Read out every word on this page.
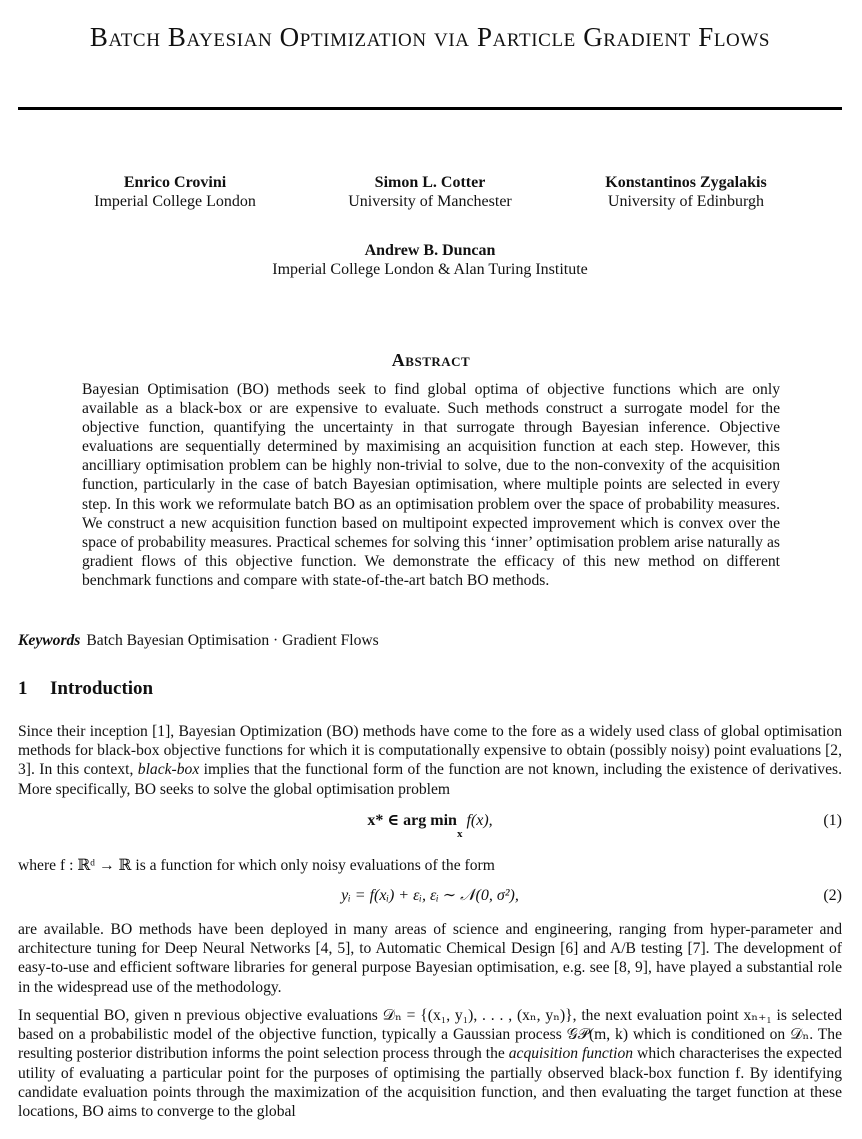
Batch Bayesian Optimization via Particle Gradient Flows
Enrico Crovini
Imperial College London
Simon L. Cotter
University of Manchester
Konstantinos Zygalakis
University of Edinburgh
Andrew B. Duncan
Imperial College London & Alan Turing Institute
Abstract

Bayesian Optimisation (BO) methods seek to find global optima of objective functions which are only available as a black-box or are expensive to evaluate. Such methods construct a surrogate model for the objective function, quantifying the uncertainty in that surrogate through Bayesian inference. Objective evaluations are sequentially determined by maximising an acquisition function at each step. However, this ancilliary optimisation problem can be highly non-trivial to solve, due to the non-convexity of the acquisition function, particularly in the case of batch Bayesian optimisation, where multiple points are selected in every step. In this work we reformulate batch BO as an optimisation problem over the space of probability measures. We construct a new acquisition function based on multipoint expected improvement which is convex over the space of probability measures. Practical schemes for solving this ‘inner’ optimisation problem arise naturally as gradient flows of this objective function. We demonstrate the efficacy of this new method on different benchmark functions and compare with state-of-the-art batch BO methods.

Keywords Batch Bayesian Optimisation · Gradient Flows

1 Introduction

Since their inception [1], Bayesian Optimization (BO) methods have come to the fore as a widely used class of global optimisation methods for black-box objective functions for which it is computationally expensive to obtain (possibly noisy) point evaluations [2, 3]. In this context, black-box implies that the functional form of the function are not known, including the existence of derivatives. More specifically, BO seeks to solve the global optimisation problem

x* ∈ arg min
x
f(x),	(1)

where f : ℝᵈ → ℝ is a function for which only noisy evaluations of the form

yᵢ = f(xᵢ) + εᵢ, εᵢ ∼ 𝒩(0, σ²),	(2)

are available. BO methods have been deployed in many areas of science and engineering, ranging from hyper-parameter and architecture tuning for Deep Neural Networks [4, 5], to Automatic Chemical Design [6] and A/B testing [7]. The development of easy-to-use and efficient software libraries for general purpose Bayesian optimisation, e.g. see [8, 9], have played a substantial role in the widespread use of the methodology.

In sequential BO, given n previous objective evaluations 𝒟ₙ = {(x₁, y₁), . . . , (xₙ, yₙ)}, the next evaluation point xₙ₊₁ is selected based on a probabilistic model of the objective function, typically a Gaussian process 𝒢𝒫(m, k) which is conditioned on 𝒟ₙ. The resulting posterior distribution informs the point selection process through the acquisition function which characterises the expected utility of evaluating a particular point for the purposes of optimising the partially observed black-box function f. By identifying candidate evaluation points through the maximization of the acquisition function, and then evaluating the target function at these locations, BO aims to converge to the global
